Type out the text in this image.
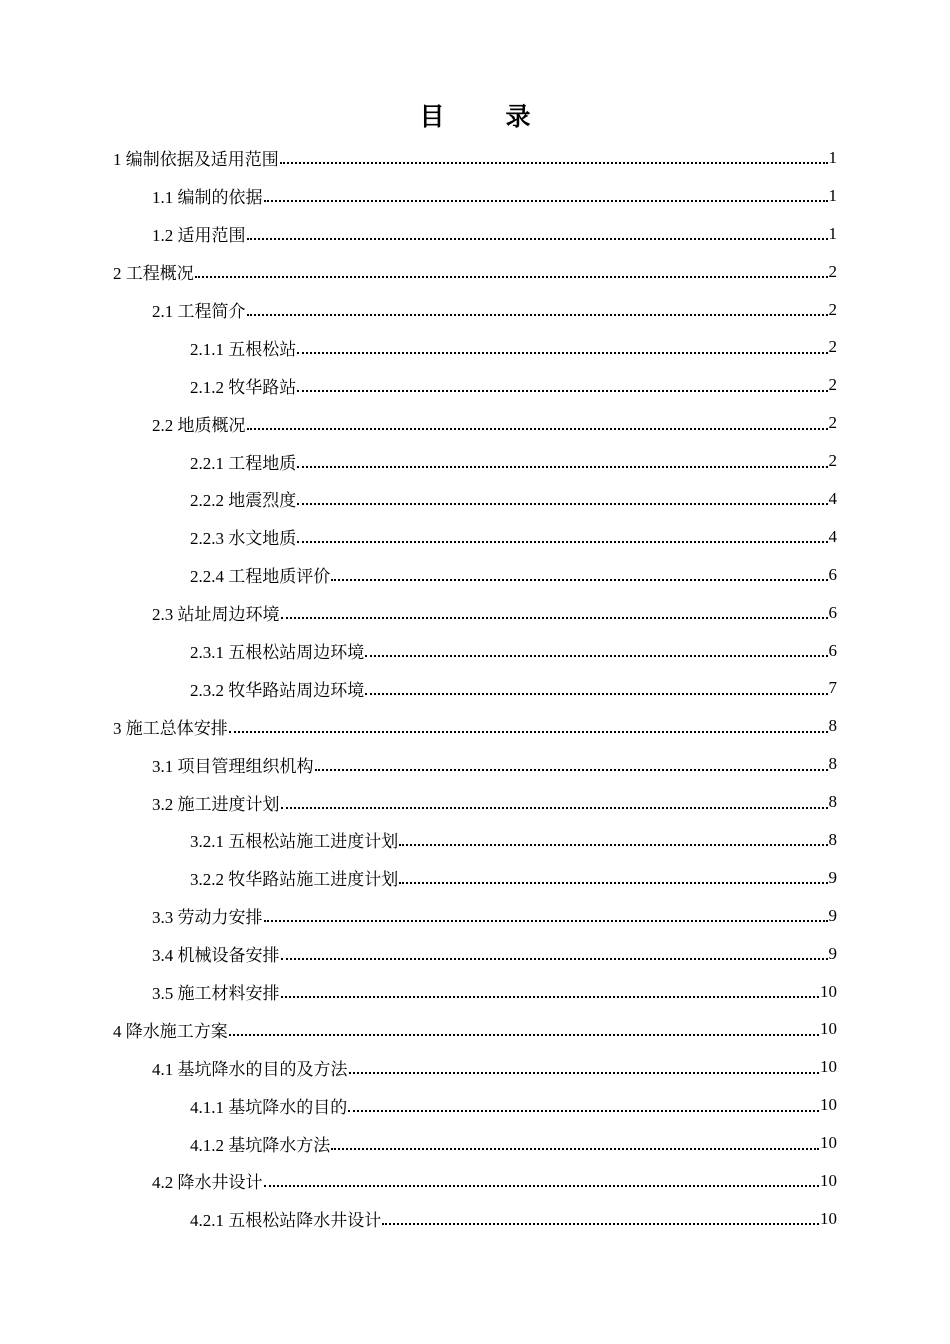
目　录
1 编制依据及适用范围	1
1.1 编制的依据	1
1.2 适用范围	1
2 工程概况	2
2.1 工程简介	2
2.1.1 五根松站	2
2.1.2 牧华路站	2
2.2 地质概况	2
2.2.1 工程地质	2
2.2.2 地震烈度	4
2.2.3 水文地质	4
2.2.4 工程地质评价	6
2.3 站址周边环境	6
2.3.1 五根松站周边环境	6
2.3.2 牧华路站周边环境	7
3 施工总体安排	8
3.1 项目管理组织机构	8
3.2 施工进度计划	8
3.2.1 五根松站施工进度计划	8
3.2.2 牧华路站施工进度计划	9
3.3 劳动力安排	9
3.4 机械设备安排	9
3.5 施工材料安排	10
4 降水施工方案	10
4.1 基坑降水的目的及方法	10
4.1.1 基坑降水的目的	10
4.1.2 基坑降水方法	10
4.2 降水井设计	10
4.2.1 五根松站降水井设计	10
